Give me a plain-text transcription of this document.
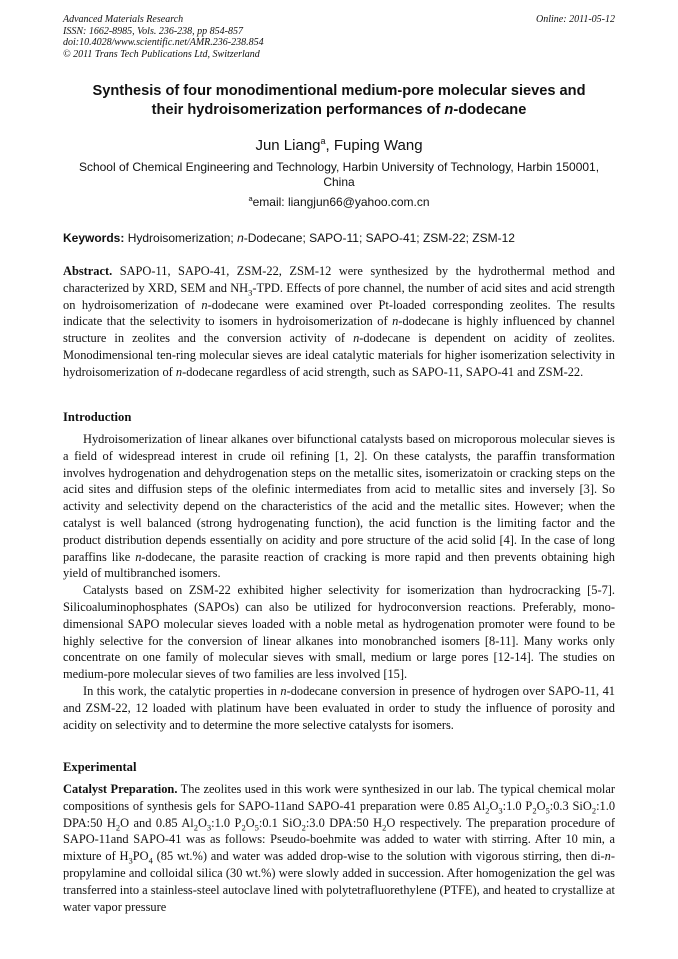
Advanced Materials Research
ISSN: 1662-8985, Vols. 236-238, pp 854-857
doi:10.4028/www.scientific.net/AMR.236-238.854
© 2011 Trans Tech Publications Ltd, Switzerland
Online: 2011-05-12
Synthesis of four monodimentional medium-pore molecular sieves and
their hydroisomerization performances of n-dodecane
Jun Liang$^a$, Fuping Wang
School of Chemical Engineering and Technology, Harbin University of Technology, Harbin 150001,
China
$^a$email: liangjun66@yahoo.com.cn
Keywords: Hydroisomerization; n-Dodecane; SAPO-11; SAPO-41; ZSM-22; ZSM-12
Abstract. SAPO-11, SAPO-41, ZSM-22, ZSM-12 were synthesized by the hydrothermal method and characterized by XRD, SEM and $NH_3$-TPD. Effects of pore channel, the number of acid sites and acid strength on hydroisomerization of n-dodecane were examined over Pt-loaded corresponding zeolites. The results indicate that the selectivity to isomers in hydroisomerization of n-dodecane is highly influenced by channel structure in zeolites and the conversion activity of n-dodecane is dependent on acidity of zeolites. Monodimensional ten-ring molecular sieves are ideal catalytic materials for higher isomerization selectivity in hydroisomerization of n-dodecane regardless of acid strength, such as SAPO-11, SAPO-41 and ZSM-22.
Introduction

Hydroisomerization of linear alkanes over bifunctional catalysts based on microporous molecular sieves is a field of widespread interest in crude oil refining [1, 2]. On these catalysts, the paraffin transformation involves hydrogenation and dehydrogenation steps on the metallic sites, isomerizatoin or cracking steps on the acid sites and diffusion steps of the olefinic intermediates from acid to metallic sites and inversely [3]. So activity and selectivity depend on the characteristics of the acid and the metallic sites. However; when the catalyst is well balanced (strong hydrogenating function), the acid function is the limiting factor and the product distribution depends essentially on acidity and pore structure of the acid solid [4]. In the case of long paraffins like n-dodecane, the parasite reaction of cracking is more rapid and then prevents obtaining high yield of multibranched isomers.

Catalysts based on ZSM-22 exhibited higher selectivity for isomerization than hydrocracking [5-7]. Silicoaluminophosphates (SAPOs) can also be utilized for hydroconversion reactions. Preferably, mono-dimensional SAPO molecular sieves loaded with a noble metal as hydrogenation promoter were found to be highly selective for the conversion of linear alkanes into monobranched isomers [8-11]. Many works only concentrate on one family of molecular sieves with small, medium or large pores [12-14]. The studies on medium-pore molecular sieves of two families are less involved [15].

In this work, the catalytic properties in n-dodecane conversion in presence of hydrogen over SAPO-11, 41 and ZSM-22, 12 loaded with platinum have been evaluated in order to study the influence of porosity and acidity on selectivity and to determine the more selective catalysts for isomers.

Experimental

Catalyst Preparation. The zeolites used in this work were synthesized in our lab. The typical chemical molar compositions of synthesis gels for SAPO-11and SAPO-41 preparation were 0.85 $Al_2O_3:1.0$ $P_2O_5:0.3$ SiO$_2$:1.0 DPA:50 $H_2O$ and 0.85 $Al_2O_3:1.0$ $P_2O_5:0.1$ SiO$_2$:3.0 DPA:50 $H_2O$ respectively. The preparation procedure of SAPO-11and SAPO-41 was as follows: Pseudo-boehmite was added to water with stirring. After 10 min, a mixture of $H_3PO_4$ (85 wt.%) and water was added drop-wise to the solution with vigorous stirring, then di-n-propylamine and colloidal silica (30 wt.%) were slowly added in succession. After homogenization the gel was transferred into a stainless-steel autoclave lined with polytetrafluorethylene (PTFE), and heated to crystallize at water vapor pressure
